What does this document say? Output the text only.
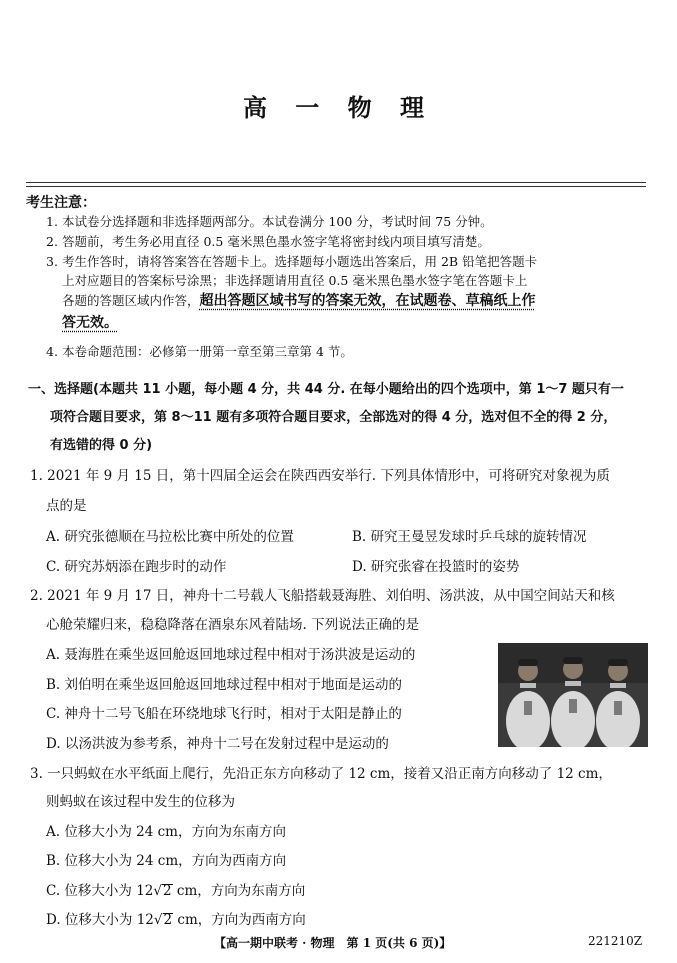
高 一 物 理
考生注意：
1. 本试卷分选择题和非选择题两部分。本试卷满分 100 分，考试时间 75 分钟。
2. 答题前，考生务必用直径 0.5 毫米黑色墨水签字笔将密封线内项目填写清楚。
3. 考生作答时，请将答案答在答题卡上。选择题每小题选出答案后，用 2B 铅笔把答题卡
上对应题目的答案标号涂黑；非选择题请用直径 0.5 毫米黑色墨水签字笔在答题卡上
各题的答题区域内作答，超出答题区域书写的答案无效，在试题卷、草稿纸上作
答无效。
4. 本卷命题范围：必修第一册第一章至第三章第 4 节。
一、选择题(本题共 11 小题，每小题 4 分，共 44 分. 在每小题给出的四个选项中，第 1～7 题只有一
项符合题目要求，第 8～11 题有多项符合题目要求，全部选对的得 4 分，选对但不全的得 2 分，
有选错的得 0 分)
1. 2021 年 9 月 15 日，第十四届全运会在陕西西安举行. 下列具体情形中，可将研究对象视为质
点的是
A. 研究张德顺在马拉松比赛中所处的位置	B. 研究王曼昱发球时乒乓球的旋转情况
C. 研究苏炳添在跑步时的动作	D. 研究张睿在投篮时的姿势
2. 2021 年 9 月 17 日，神舟十二号载人飞船搭载聂海胜、刘伯明、汤洪波，从中国空间站天和核
心舱荣耀归来，稳稳降落在酒泉东风着陆场. 下列说法正确的是
A. 聂海胜在乘坐返回舱返回地球过程中相对于汤洪波是运动的
B. 刘伯明在乘坐返回舱返回地球过程中相对于地面是运动的
C. 神舟十二号飞船在环绕地球飞行时，相对于太阳是静止的
D. 以汤洪波为参考系，神舟十二号在发射过程中是运动的
3. 一只蚂蚁在水平纸面上爬行，先沿正东方向移动了 12 cm，接着又沿正南方向移动了 12 cm，
则蚂蚁在该过程中发生的位移为
A. 位移大小为 24 cm，方向为东南方向
B. 位移大小为 24 cm，方向为西南方向
C. 位移大小为 12√2 cm，方向为东南方向
D. 位移大小为 12√2 cm，方向为西南方向
【高一期中联考 · 物理　第 1 页(共 6 页)】	221210Z
